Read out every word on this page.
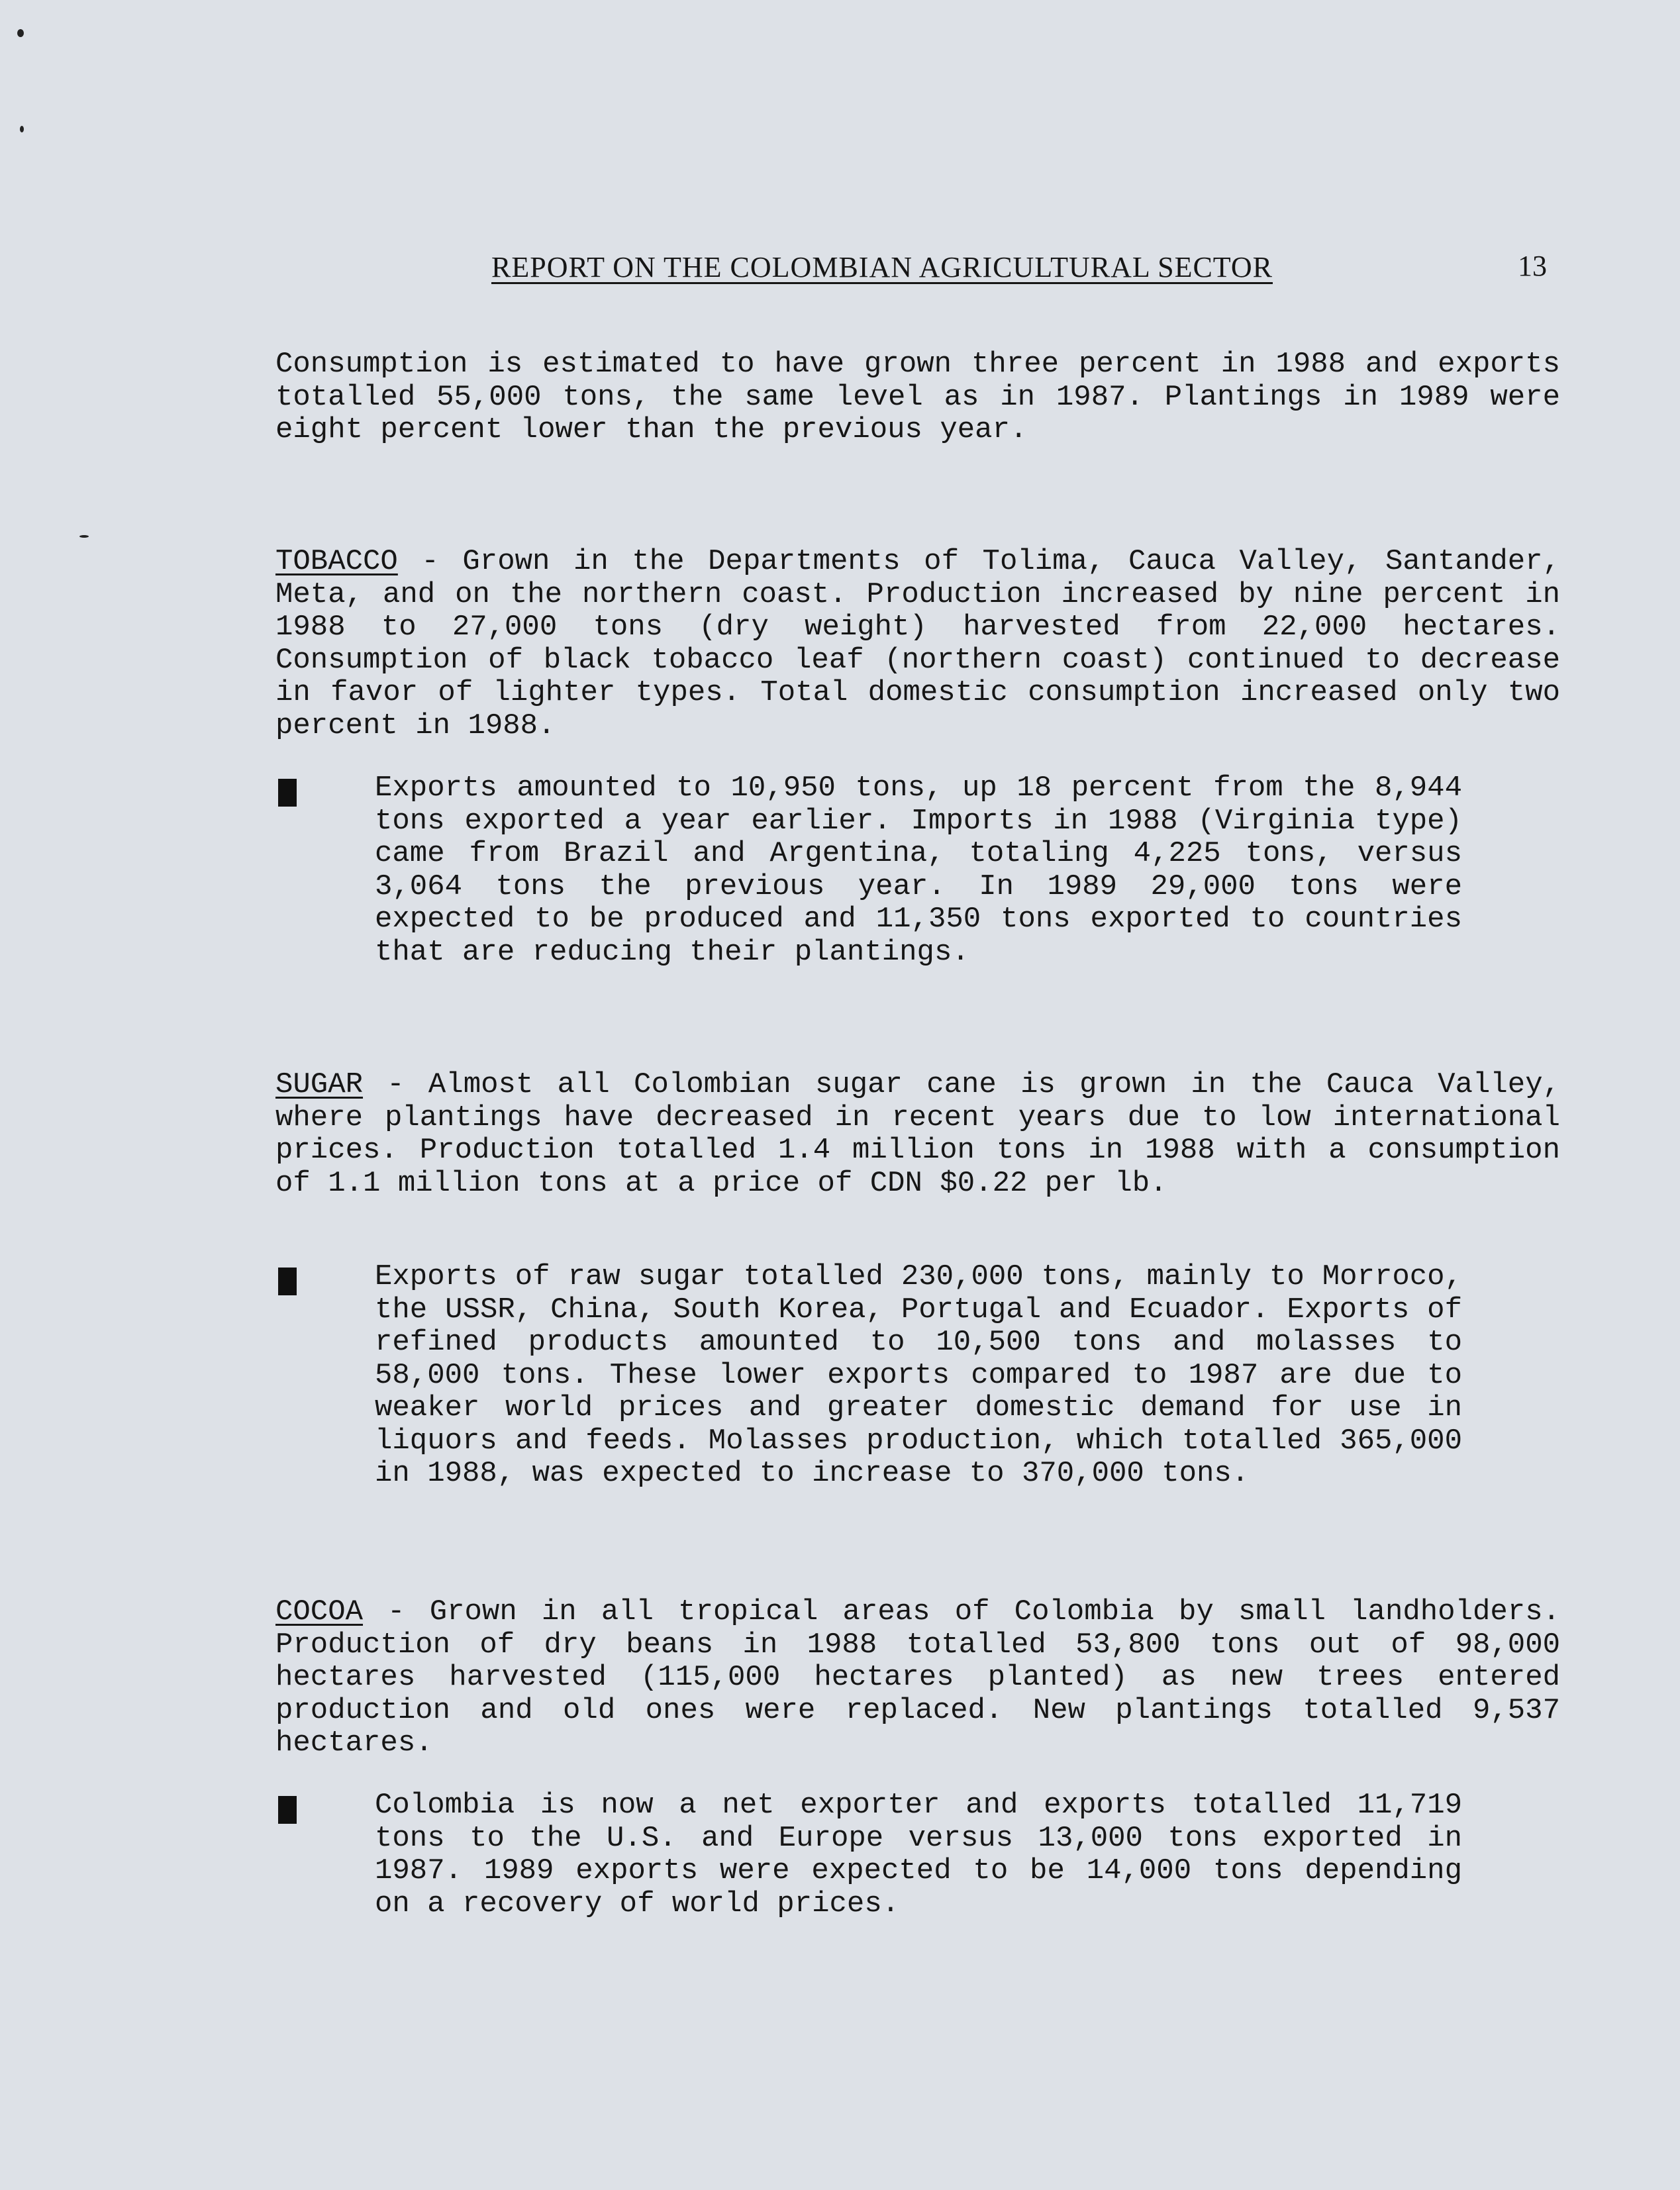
REPORT ON THE COLOMBIAN AGRICULTURAL SECTOR	13

Consumption is estimated to have grown three percent in 1988 and exports totalled 55,000 tons, the same level as in 1987. Plantings in 1989 were eight percent lower than the previous year.

TOBACCO - Grown in the Departments of Tolima, Cauca Valley, Santander, Meta, and on the northern coast. Production increased by nine percent in 1988 to 27,000 tons (dry weight) harvested from 22,000 hectares. Consumption of black tobacco leaf (northern coast) continued to decrease in favor of lighter types. Total domestic consumption increased only two percent in 1988.

Exports amounted to 10,950 tons, up 18 percent from the 8,944 tons exported a year earlier. Imports in 1988 (Virginia type) came from Brazil and Argentina, totaling 4,225 tons, versus 3,064 tons the previous year. In 1989 29,000 tons were expected to be produced and 11,350 tons exported to countries that are reducing their plantings.

SUGAR - Almost all Colombian sugar cane is grown in the Cauca Valley, where plantings have decreased in recent years due to low international prices. Production totalled 1.4 million tons in 1988 with a consumption of 1.1 million tons at a price of CDN $0.22 per lb.

Exports of raw sugar totalled 230,000 tons, mainly to Morroco, the USSR, China, South Korea, Portugal and Ecuador. Exports of refined products amounted to 10,500 tons and molasses to 58,000 tons. These lower exports compared to 1987 are due to weaker world prices and greater domestic demand for use in liquors and feeds. Molasses production, which totalled 365,000 in 1988, was expected to increase to 370,000 tons.

COCOA - Grown in all tropical areas of Colombia by small landholders. Production of dry beans in 1988 totalled 53,800 tons out of 98,000 hectares harvested (115,000 hectares planted) as new trees entered production and old ones were replaced. New plantings totalled 9,537 hectares.

Colombia is now a net exporter and exports totalled 11,719 tons to the U.S. and Europe versus 13,000 tons exported in 1987. 1989 exports were expected to be 14,000 tons depending on a recovery of world prices.
